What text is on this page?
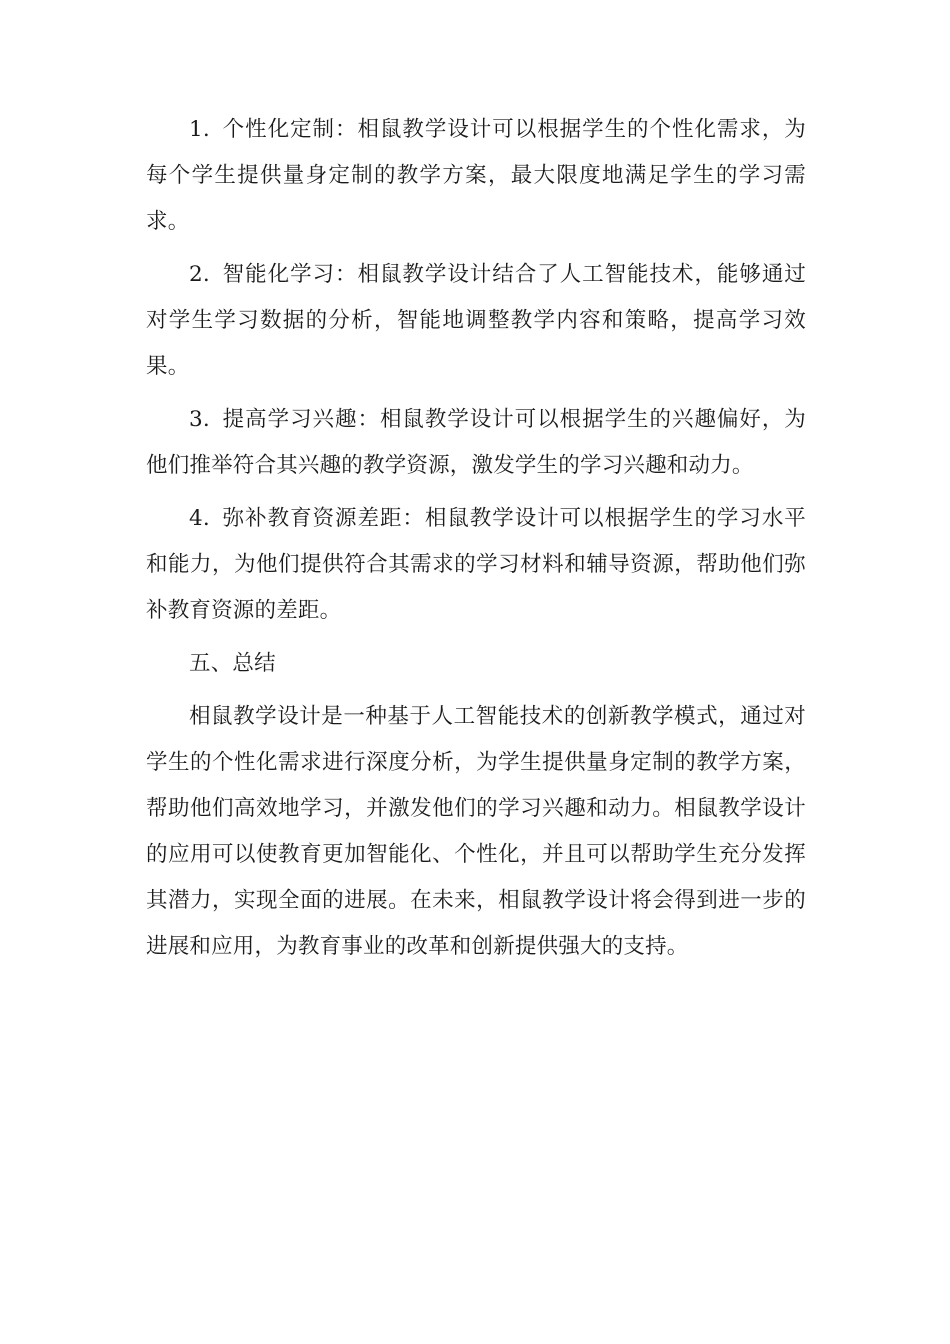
1. 个性化定制：相鼠教学设计可以根据学生的个性化需求，为每个学生提供量身定制的教学方案，最大限度地满足学生的学习需求。

2. 智能化学习：相鼠教学设计结合了人工智能技术，能够通过对学生学习数据的分析，智能地调整教学内容和策略，提高学习效果。

3. 提高学习兴趣：相鼠教学设计可以根据学生的兴趣偏好，为他们推举符合其兴趣的教学资源，激发学生的学习兴趣和动力。

4. 弥补教育资源差距：相鼠教学设计可以根据学生的学习水平和能力，为他们提供符合其需求的学习材料和辅导资源，帮助他们弥补教育资源的差距。

五、总结

相鼠教学设计是一种基于人工智能技术的创新教学模式，通过对学生的个性化需求进行深度分析，为学生提供量身定制的教学方案，帮助他们高效地学习，并激发他们的学习兴趣和动力。相鼠教学设计的应用可以使教育更加智能化、个性化，并且可以帮助学生充分发挥其潜力，实现全面的进展。在未来，相鼠教学设计将会得到进一步的进展和应用，为教育事业的改革和创新提供强大的支持。
